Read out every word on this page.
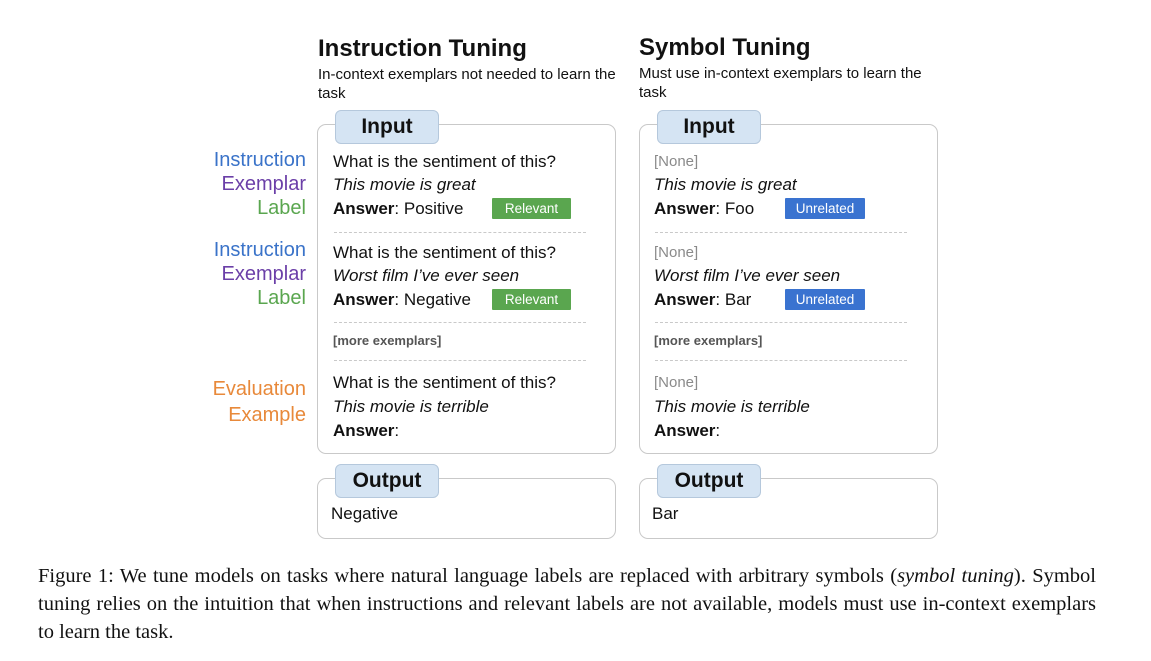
Instruction
Exemplar
Label
Instruction
Exemplar
Label
Evaluation
Example
Instruction Tuning
In-context exemplars not needed to learn the task
Input
What is the sentiment of this?
This movie is great
Answer: Positive	Relevant
What is the sentiment of this?
Worst film I’ve ever seen
Answer: Negative	Relevant
[more exemplars]
What is the sentiment of this?
This movie is terrible
Answer:
Output
Negative
Symbol Tuning
Must use in-context exemplars to learn the task
Input
[None]
This movie is great
Answer: Foo	Unrelated
[None]
Worst film I’ve ever seen
Answer: Bar	Unrelated
[more exemplars]
[None]
This movie is terrible
Answer:
Output
Bar
Figure 1: We tune models on tasks where natural language labels are replaced with arbitrary symbols (symbol tuning). Symbol tuning relies on the intuition that when instructions and relevant labels are not available, models must use in-context exemplars to learn the task.
